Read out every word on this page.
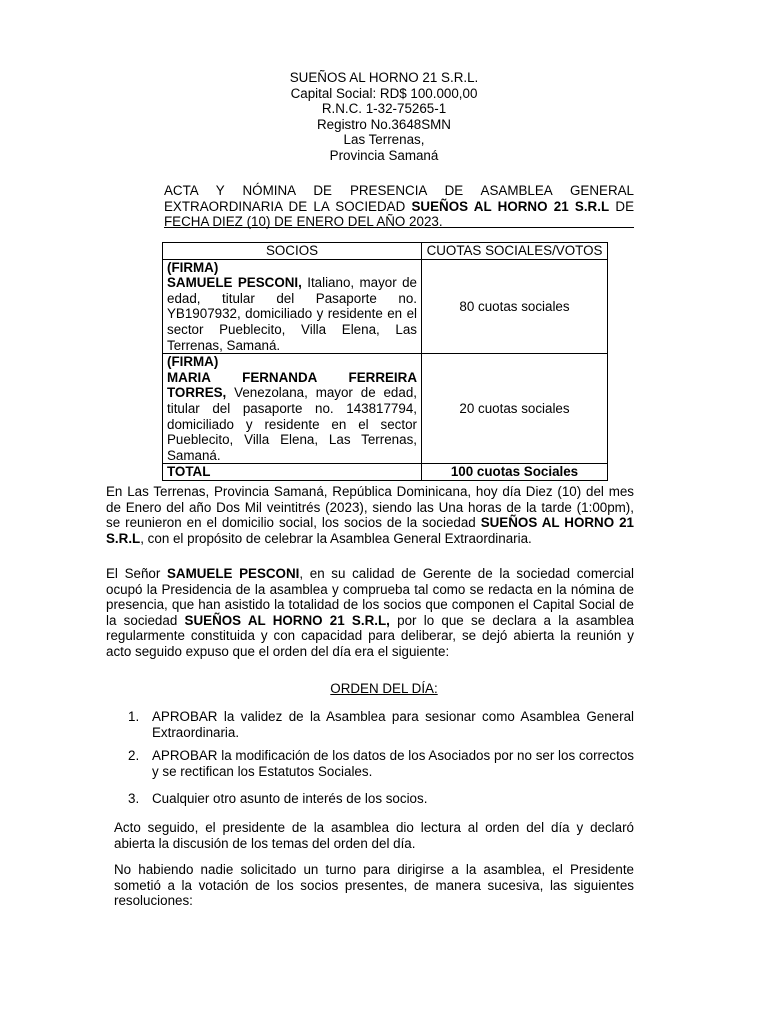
SUEÑOS AL HORNO 21 S.R.L.
Capital Social: RD$ 100.000,00
R.N.C. 1-32-75265-1
Registro No.3648SMN
Las Terrenas,
Provincia Samaná
ACTA Y NÓMINA DE PRESENCIA DE ASAMBLEA GENERAL
EXTRAORDINARIA DE LA SOCIEDAD SUEÑOS AL HORNO 21 S.R.L DE
FECHA DIEZ (10) DE ENERO DEL AÑO 2023.
SOCIOS	CUOTAS SOCIALES/VOTOS

(FIRMA)
SAMUELE PESCONI, Italiano, mayor de edad, titular del Pasaporte no. YB1907932, domiciliado y residente en el sector Pueblecito, Villa Elena, Las Terrenas, Samaná.	80 cuotas sociales

(FIRMA)
MARIA FERNANDA FERREIRA TORRES, Venezolana, mayor de edad, titular del pasaporte no. 143817794, domiciliado y residente en el sector Pueblecito, Villa Elena, Las Terrenas, Samaná.	20 cuotas sociales
TOTAL	100 cuotas Sociales
En Las Terrenas, Provincia Samaná, República Dominicana, hoy día Diez (10) del mes de Enero del año Dos Mil veintitrés (2023), siendo las Una horas de la tarde (1:00pm), se reunieron en el domicilio social, los socios de la sociedad SUEÑOS AL HORNO 21 S.R.L, con el propósito de celebrar la Asamblea General Extraordinaria.
El Señor SAMUELE PESCONI, en su calidad de Gerente de la sociedad comercial ocupó la Presidencia de la asamblea y comprueba tal como se redacta en la nómina de presencia, que han asistido la totalidad de los socios que componen el Capital Social de la sociedad SUEÑOS AL HORNO 21 S.R.L, por lo que se declara a la asamblea regularmente constituida y con capacidad para deliberar, se dejó abierta la reunión y acto seguido expuso que el orden del día era el siguiente:
ORDEN DEL DÍA:
1. APROBAR la validez de la Asamblea para sesionar como Asamblea General Extraordinaria.
2. APROBAR la modificación de los datos de los Asociados por no ser los correctos y se rectifican los Estatutos Sociales.
3. Cualquier otro asunto de interés de los socios.
Acto seguido, el presidente de la asamblea dio lectura al orden del día y declaró abierta la discusión de los temas del orden del día.
No habiendo nadie solicitado un turno para dirigirse a la asamblea, el Presidente sometió a la votación de los socios presentes, de manera sucesiva, las siguientes resoluciones:
